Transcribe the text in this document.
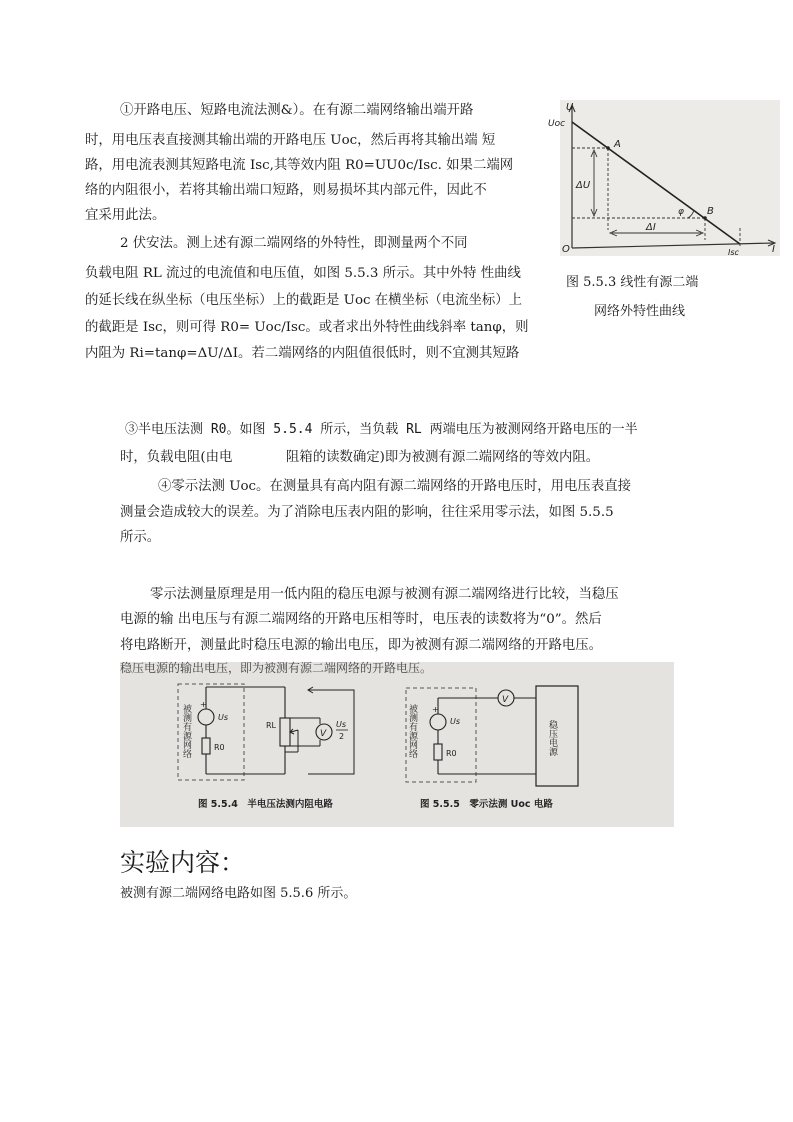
①开路电压、短路电流法测&）。在有源二端网络输出端开路
时，用电压表直接测其输出端的开路电压 Uoc，然后再将其输出端 短
路，用电流表测其短路电流 Isc,其等效内阻 R0=UU0c/Isc. 如果二端网
络的内阻很小，若将其输出端口短路，则易损坏其内部元件，因此不
宜采用此法。
2 伏安法。测上述有源二端网络的外特性，即测量两个不同
负载电阻 RL 流过的电流值和电压值，如图 5.5.3 所示。其中外特 性曲线
的延长线在纵坐标（电压坐标）上的截距是 Uoc 在横坐标（电流坐标）上
的截距是 Isc，则可得 R0= Uoc/Isc。或者求出外特性曲线斜率 tanφ，则
内阻为 Ri=tanφ=ΔU/ΔI。若二端网络的内阻值很低时，则不宜测其短路
U
Uoc
O	I
Isc
A
B
ΔU
ΔI
φ
图 5.5.3 线性有源二端
网络外特性曲线
③半电压法测 R0。如图 5.5.4 所示，当负载 RL 两端电压为被测网络开路电压的一半
时，负载电阻(由电　　　　阻箱的读数确定)即为被测有源二端网络的等效内阻。
④零示法测 Uoc。在测量具有高内阻有源二端网络的开路电压时，用电压表直接
测量会造成较大的误差。为了消除电压表内阻的影响，往往采用零示法，如图 5.5.5
所示。
零示法测量原理是用一低内阻的稳压电源与被测有源二端网络进行比较，当稳压
电源的输 出电压与有源二端网络的开路电压相等时，电压表的读数将为“0”。然后
将电路断开，测量此时稳压电源的输出电压，即为被测有源二端网络的开路电压。
稳压电源的输出电压，即为被测有源二端网络的开路电压。
被测有源网络 +
Us
R0
RL
V
Us
2
图 5.5.4　半电压法测内阻电路
被测有源网络 +
Us
R0
V
稳压电源
图 5.5.5　零示法测 Uoc 电路
实验内容：
被测有源二端网络电路如图 5.5.6 所示。
